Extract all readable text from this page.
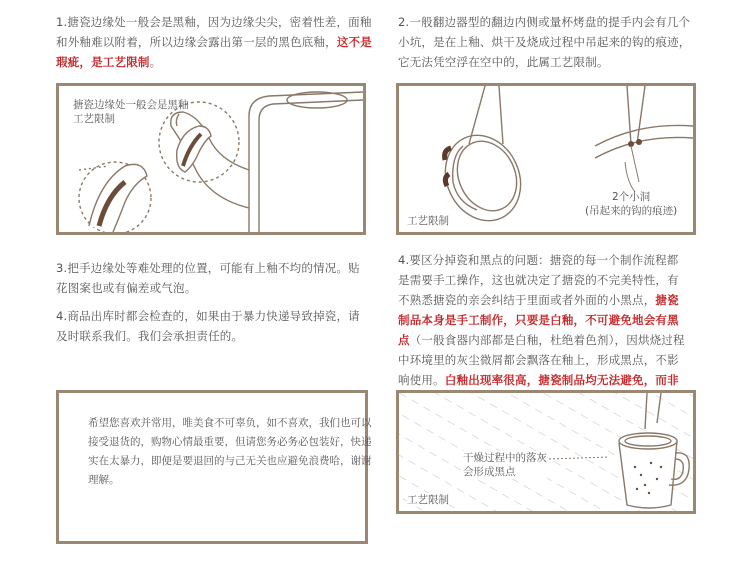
1.搪瓷边缘处一般会是黑釉，因为边缘尖尖，密着性差，面釉和外釉难以附着，所以边缘会露出第一层的黑色底釉，这不是瑕疵，是工艺限制。
2.一般翻边器型的翻边内侧或量杯烤盘的提手内会有几个小坑，是在上釉、烘干及烧成过程中吊起来的钩的痕迹，它无法凭空浮在空中的，此属工艺限制。
搪瓷边缘处一般会是黑釉
工艺限制
工艺限制
2个小洞
(吊起来的钩的痕迹)
3.把手边缘处等难处理的位置，可能有上釉不均的情况。贴花图案也或有偏差或气泡。
4.商品出库时都会检查的，如果由于暴力快递导致掉瓷，请及时联系我们。我们会承担责任的。
4.要区分掉瓷和黑点的问题：搪瓷的每一个制作流程都是需要手工操作，这也就决定了搪瓷的不完美特性，有不熟悉搪瓷的亲会纠结于里面或者外面的小黑点，搪瓷制品本身是手工制作，只要是白釉，不可避免地会有黑点（一般食器内部都是白釉，杜绝着色剂），因烘烧过程中环境里的灰尘微屑都会飘落在釉上，形成黑点，不影响使用。白釉出现率很高，搪瓷制品均无法避免，而非
希望您喜欢并常用，唯美食不可辜负，如不喜欢，我们也可以接受退货的，购物心情最重要，但请您务必务必包装好，快递实在太暴力，即便是要退回的与己无关也应避免浪费哈，谢谢理解。
干燥过程中的落灰
会形成黑点
工艺限制
